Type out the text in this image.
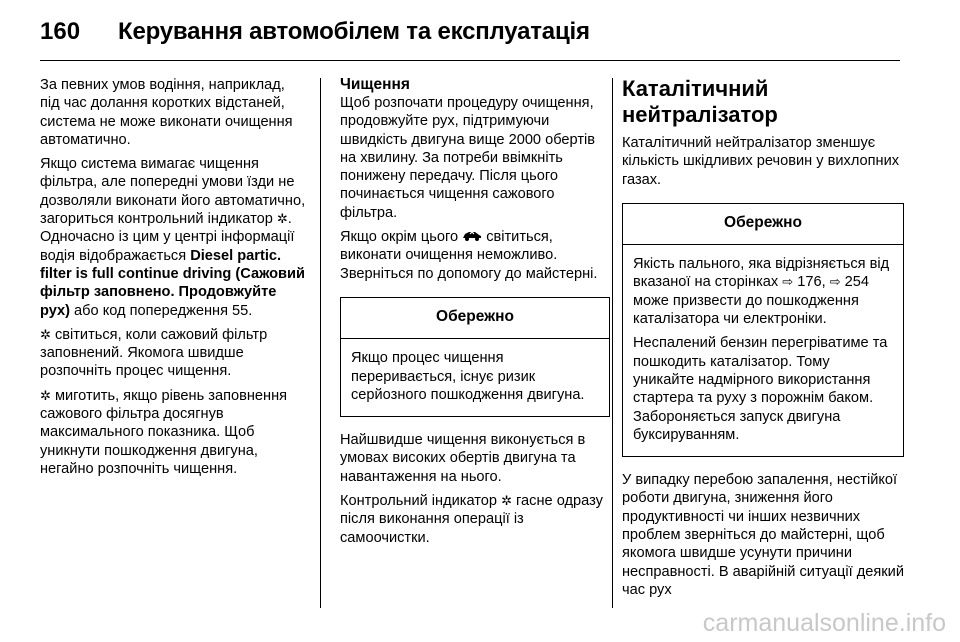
160	Керування автомобілем та експлуатація

За певних умов водіння, наприклад, під час долання коротких відстаней, система не може виконати очищення автоматично.

Якщо система вимагає чищення фільтра, але попередні умови їзди не дозволяли виконати його автоматично, загориться контрольний індикатор ✲. Одночасно із цим у центрі інформації водія відображається Diesel partic. filter is full continue driving (Сажовий фільтр заповнено. Продовжуйте рух) або код попередження 55.

✲ світиться, коли сажовий фільтр заповнений. Якомога швидше розпочніть процес чищення.

✲ миготить, якщо рівень заповнення сажового фільтра досягнув максимального показника. Щоб уникнути пошкодження двигуна, негайно розпочніть чищення.

Чищення

Щоб розпочати процедуру очищення, продовжуйте рух, підтримуючи швидкість двигуна вище 2000 обертів на хвилину. За потреби ввімкніть понижену передачу. Після цього починається чищення сажового фільтра.

Якщо окрім цього  світиться, виконати очищення неможливо. Зверніться по допомогу до майстерні.

Обережно

Якщо процес чищення переривається, існує ризик серйозного пошкодження двигуна.

Найшвидше чищення виконується в умовах високих обертів двигуна та навантаження на нього.

Контрольний індикатор ✲ гасне одразу після виконання операції із самоочистки.

Каталітичний нейтралізатор

Каталітичний нейтралізатор зменшує кількість шкідливих речовин у вихлопних газах.

Обережно

Якість пального, яка відрізняється від вказаної на сторінках ⇨ 176, ⇨ 254 може призвести до пошкодження каталізатора чи електроніки.

Неспалений бензин перегріватиме та пошкодить каталізатор. Тому уникайте надмірного використання стартера та руху з порожнім баком. Забороняється запуск двигуна буксируванням.

У випадку перебою запалення, нестійкої роботи двигуна, зниження його продуктивності чи інших незвичних проблем зверніться до майстерні, щоб якомога швидше усунути причини несправності. В аварійній ситуації деякий час рух

carmanualsonline.info
